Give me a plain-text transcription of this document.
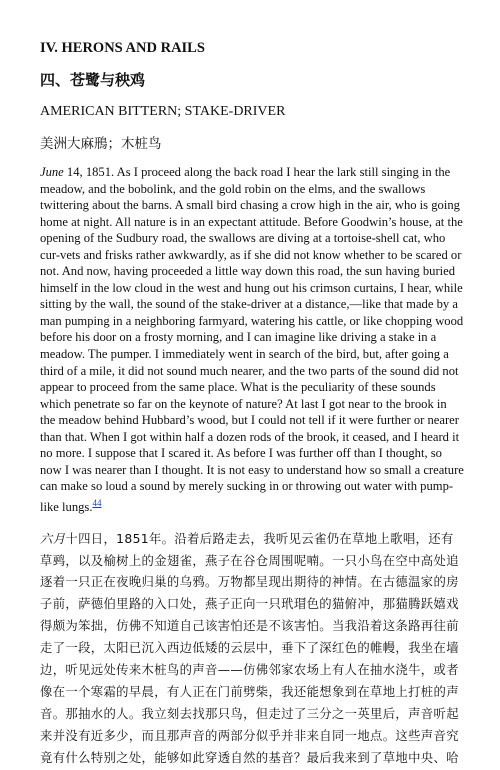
IV. HERONS AND RAILS
四、苍鹭与秧鸡
AMERICAN BITTERN; STAKE-DRIVER
美洲大麻鳽；木桩鸟

June 14, 1851. As I proceed along the back road I hear the lark still singing in the meadow, and the bobolink, and the gold robin on the elms, and the swallows twittering about the barns. A small bird chasing a crow high in the air, who is going home at night. All nature is in an expectant attitude. Before Goodwin’s house, at the opening of the Sudbury road, the swallows are diving at a tortoise-shell cat, who cur-vets and frisks rather awkwardly, as if she did not know whether to be scared or not. And now, having proceeded a little way down this road, the sun having buried himself in the low cloud in the west and hung out his crimson curtains, I hear, while sitting by the wall, the sound of the stake-driver at a distance,—like that made by a man pumping in a neighboring farmyard, watering his cattle, or like chopping wood before his door on a frosty morning, and I can imagine like driving a stake in a meadow. The pumper. I immediately went in search of the bird, but, after going a third of a mile, it did not sound much nearer, and the two parts of the sound did not appear to proceed from the same place. What is the peculiarity of these sounds which penetrate so far on the keynote of nature? At last I got near to the brook in the meadow behind Hubbard’s wood, but I could not tell if it were further or nearer than that. When I got within half a dozen rods of the brook, it ceased, and I heard it no more. I suppose that I scared it. As before I was further off than I thought, so now I was nearer than I thought. It is not easy to understand how so small a creature can make so loud a sound by merely sucking in or throwing out water with pump-like lungs.$^{44}$

六月十四日，1851年。沿着后路走去，我听见云雀仍在草地上歌唱，还有草鹀，以及榆树上的金翅雀，燕子在谷仓周围呢喃。一只小鸟在空中高处追逐着一只正在夜晚归巢的乌鸦。万物都呈现出期待的神情。在古德温家的房子前，萨德伯里路的入口处，燕子正向一只玳瑁色的猫俯冲，那猫腾跃嬉戏得颇为笨拙，仿佛不知道自己该害怕还是不该害怕。当我沿着这条路再往前走了一段，太阳已沉入西边低矮的云层中，垂下了深红色的帷幔，我坐在墙边，听见远处传来木桩鸟的声音——仿佛邻家农场上有人在抽水浇牛，或者像在一个寒霜的早晨，有人正在门前劈柴，我还能想象到在草地上打桩的声音。那抽水的人。我立刻去找那只鸟，但走过了三分之一英里后，声音听起来并没有近多少，而且那声音的两部分似乎并非来自同一地点。这些声音究竟有什么特别之处，能够如此穿透自然的基音？最后我来到了草地中央、哈
